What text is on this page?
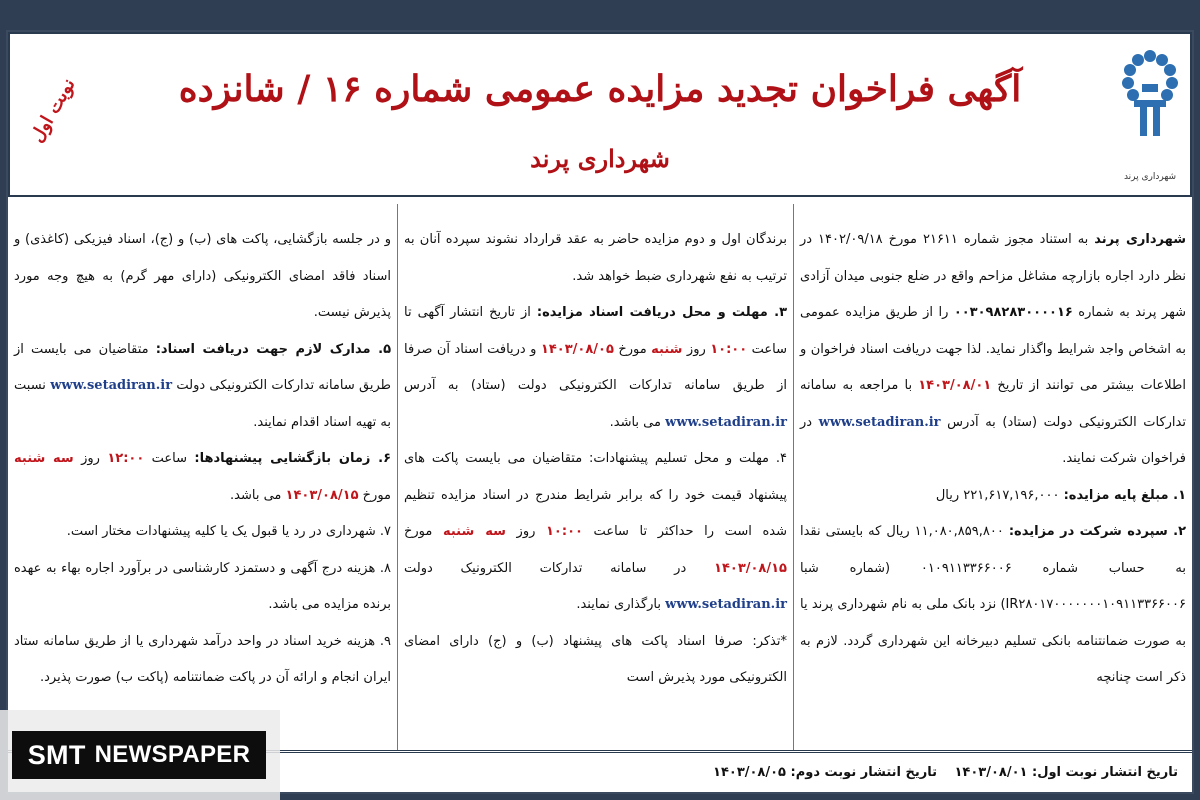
شهرداری پرند
آگهی فراخوان تجدید مزایده عمومی شماره ۱۶ / شانزده
شهرداری پرند
نوبت اول

شهرداری پرند به استناد مجوز شماره ۲۱۶۱۱ مورخ ۱۴۰۲/۰۹/۱۸ در نظر دارد اجاره بازارچه مشاغل مزاحم واقع در ضلع جنوبی میدان آزادی شهر پرند به شماره ۰۰۳۰۹۸۲۸۳۰۰۰۰۱۶ را از طریق مزایده عمومی به اشخاص واجد شرایط واگذار نماید. لذا جهت دریافت اسناد فراخوان و اطلاعات بیشتر می توانند از تاریخ ۱۴۰۳/۰۸/۰۱ با مراجعه به سامانه تدارکات الکترونیکی دولت (ستاد) به آدرس www.setadiran.ir در فراخوان شرکت نمایند.

۱. مبلغ پایه مزایده: ۲۲۱,۶۱۷,۱۹۶,۰۰۰ ریال

۲. سپرده شرکت در مزایده: ۱۱,۰۸۰,۸۵۹,۸۰۰ ریال که بایستی نقدا به حساب شماره ۰۱۰۹۱۱۳۳۶۶۰۰۶ (شماره شبا IR۲۸۰۱۷۰۰۰۰۰۰۰۱۰۹۱۱۳۳۶۶۰۰۶) نزد بانک ملی به نام شهرداری پرند یا به صورت ضمانتنامه بانکی تسلیم دبیرخانه این شهرداری گردد. لازم به ذکر است چنانچه

برندگان اول و دوم مزایده حاضر به عقد قرارداد نشوند سپرده آنان به ترتیب به نفع شهرداری ضبط خواهد شد.

۳. مهلت و محل دریافت اسناد مزایده: از تاریخ انتشار آگهی تا ساعت ۱۰:۰۰ روز شنبه مورخ ۱۴۰۳/۰۸/۰۵ و دریافت اسناد آن صرفا از طریق سامانه تدارکات الکترونیکی دولت (ستاد) به آدرس www.setadiran.ir می باشد.

۴. مهلت و محل تسلیم پیشنهادات: متقاضیان می بایست پاکت های پیشنهاد قیمت خود را که برابر شرایط مندرج در اسناد مزایده تنظیم شده است را حداکثر تا ساعت ۱۰:۰۰ روز سه شنبه مورخ ۱۴۰۳/۰۸/۱۵ در سامانه تدارکات الکترونیک دولت www.setadiran.ir بارگذاری نمایند.

*تذکر: صرفا اسناد پاکت های پیشنهاد (ب) و (ج) دارای امضای الکترونیکی مورد پذیرش است

و در جلسه بازگشایی، پاکت های (ب) و (ج)، اسناد فیزیکی (کاغذی) و اسناد فاقد امضای الکترونیکی (دارای مهر گرم) به هیچ وجه مورد پذیرش نیست.

۵. مدارک لازم جهت دریافت اسناد: متقاضیان می بایست از طریق سامانه تدارکات الکترونیکی دولت www.setadiran.ir نسبت به تهیه اسناد اقدام نمایند.

۶. زمان بازگشایی پیشنهادها: ساعت ۱۲:۰۰ روز سه شنبه مورخ ۱۴۰۳/۰۸/۱۵ می باشد.

۷. شهرداری در رد یا قبول یک یا کلیه پیشنهادات مختار است.

۸. هزینه درج آگهی و دستمزد کارشناسی در برآورد اجاره بهاء به عهده برنده مزایده می باشد.

۹. هزینه خرید اسناد در واحد درآمد شهرداری یا از طریق سامانه ستاد ایران انجام و ارائه آن در پاکت ضمانتنامه (پاکت ب) صورت پذیرد.

تاریخ انتشار نوبت اول: ۱۴۰۳/۰۸/۰۱
تاریخ انتشار نوبت دوم: ۱۴۰۳/۰۸/۰۵
SMT NEWSPAPER
